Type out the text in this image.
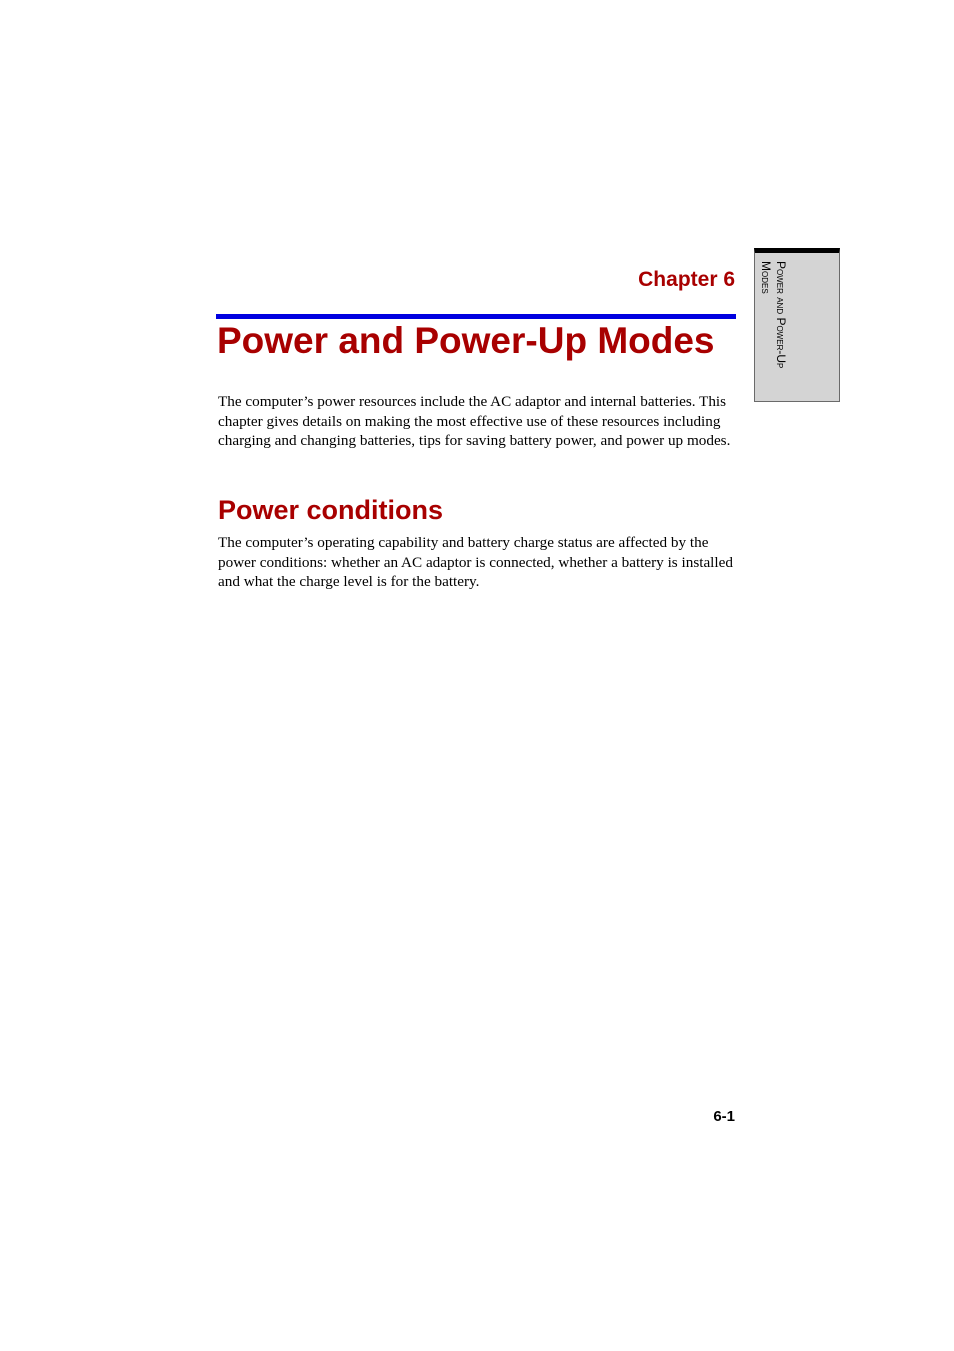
Chapter 6
Power and Power-Up Modes

The computer’s power resources include the AC adaptor and internal batteries. This chapter gives details on making the most effective use of these resources including charging and changing batteries, tips for saving battery power, and power up modes.

Power conditions

The computer’s operating capability and battery charge status are affected by the power conditions: whether an AC adaptor is connected, whether a battery is installed and what the charge level is for the battery.

Power and Power-Up Modes
6-1
